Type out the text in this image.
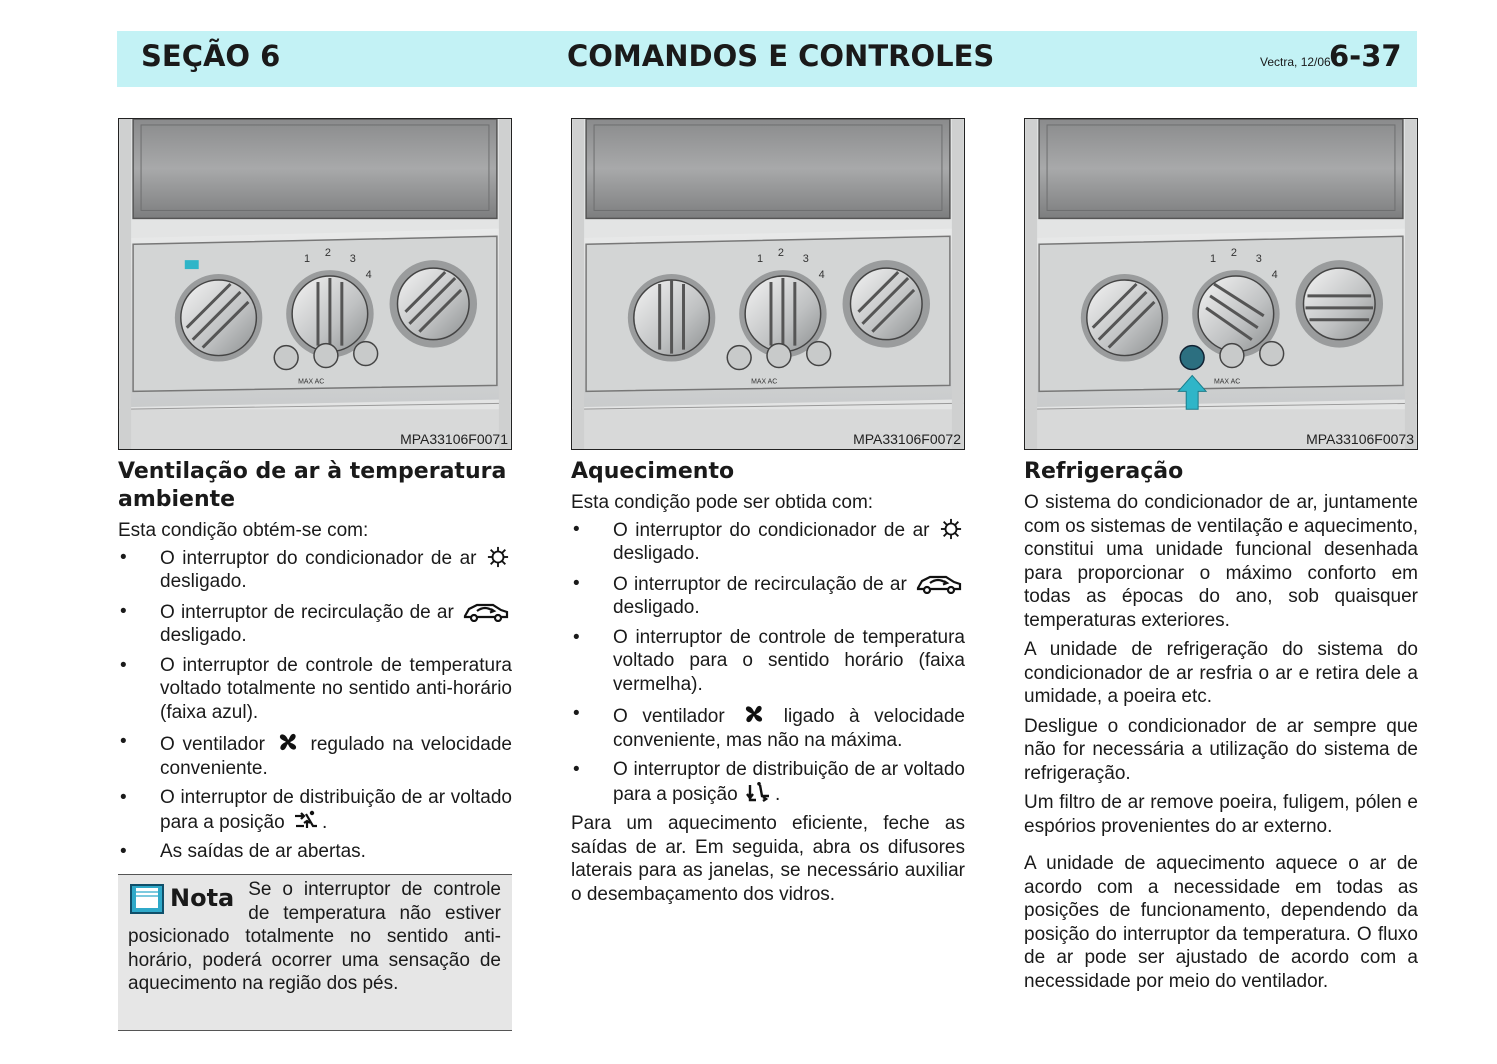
SEÇÃO 6	COMANDOS E CONTROLES	Vectra, 12/06
6-37
1 2 3
4
MAX AC
MPA33106F0071
1 2 3
4
MAX AC
MPA33106F0072
1 2 3
4
MAX AC
MPA33106F0073
Ventilação de ar à temperatura ambiente

Esta condição obtém-se com:

• O interruptor do condicionador de ar desligado.
• O interruptor de recirculação de ar desligado.
• O interruptor de controle de temperatura voltado totalmente no sentido anti-horário (faixa azul).
• O ventilador regulado na velocidade conveniente.
• O interruptor de distribuição de ar voltado para a posição .
• As saídas de ar abertas.
Nota Se o interruptor de controle de temperatura não estiver posicionado totalmente no sentido anti-horário, poderá ocorrer uma sensação de aquecimento na região dos pés.
Aquecimento

Esta condição pode ser obtida com:

• O interruptor do condicionador de ar desligado.
• O interruptor de recirculação de ar desligado.
• O interruptor de controle de temperatura voltado para o sentido horário (faixa vermelha).
• O ventilador	ligado à velocidade conveniente, mas não na máxima.
• O interruptor de distribuição de ar voltado para a posição .

Para um aquecimento eficiente, feche as saídas de ar. Em seguida, abra os difusores laterais para as janelas, se necessário auxiliar o desembaçamento dos vidros.

Refrigeração

O sistema do condicionador de ar, juntamente com os sistemas de ventilação e aquecimento, constitui uma unidade funcional desenhada para proporcionar o máximo conforto em todas as épocas do ano, sob quaisquer temperaturas exteriores.

A unidade de refrigeração do sistema do condicionador de ar resfria o ar e retira dele a umidade, a poeira etc.

Desligue o condicionador de ar sempre que não for necessária a utilização do sistema de refrigeração.

Um filtro de ar remove poeira, fuligem, pólen e espórios provenientes do ar externo.

A unidade de aquecimento aquece o ar de acordo com a necessidade em todas as posições de funcionamento, dependendo da posição do interruptor da temperatura. O fluxo de ar pode ser ajustado de acordo com a necessidade por meio do ventilador.
